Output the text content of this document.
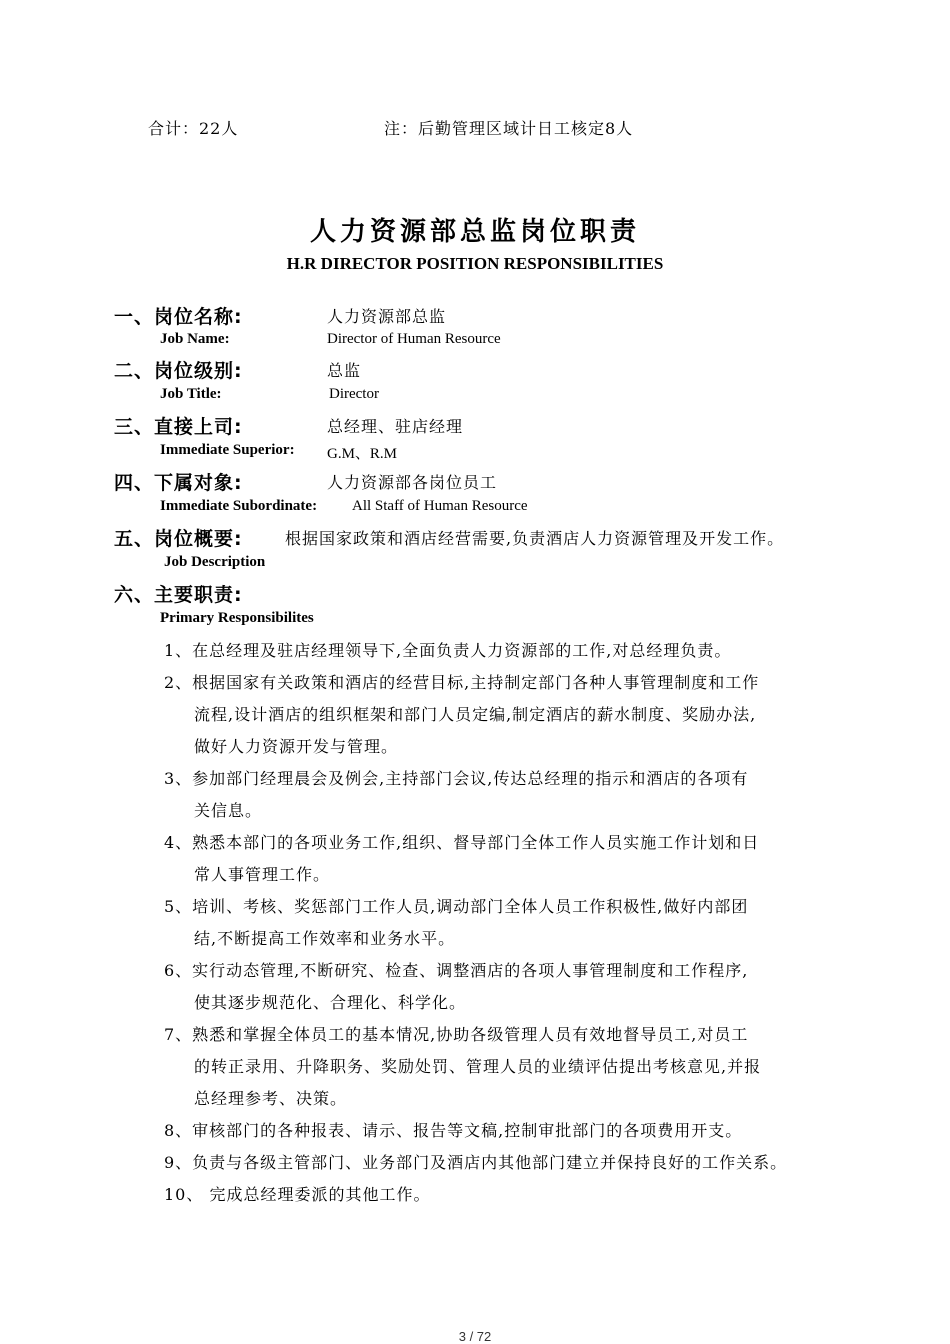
合计：22人	注：后勤管理区域计日工核定8人
人力资源部总监岗位职责
H.R DIRECTOR POSITION RESPONSIBILITIES
一、岗位名称:	人力资源部总监
Job Name:	Director of Human Resource
二、岗位级别:	总监
Job Title:	Director
三、直接上司:	总经理、驻店经理
Immediate Superior: G.M、R.M
四、下属对象:	人力资源部各岗位员工
Immediate Subordinate: All Staff of Human Resource
五、岗位概要:	根据国家政策和酒店经营需要,负责酒店人力资源管理及开发工作。
Job Description
六、主要职责:
Primary Responsibilites
1、在总经理及驻店经理领导下,全面负责人力资源部的工作,对总经理负责。
2、根据国家有关政策和酒店的经营目标,主持制定部门各种人事管理制度和工作
流程,设计酒店的组织框架和部门人员定编,制定酒店的薪水制度、奖励办法,
做好人力资源开发与管理。
3、参加部门经理晨会及例会,主持部门会议,传达总经理的指示和酒店的各项有
关信息。
4、熟悉本部门的各项业务工作,组织、督导部门全体工作人员实施工作计划和日
常人事管理工作。
5、培训、考核、奖惩部门工作人员,调动部门全体人员工作积极性,做好内部团
结,不断提高工作效率和业务水平。
6、实行动态管理,不断研究、检查、调整酒店的各项人事管理制度和工作程序,
使其逐步规范化、合理化、科学化。
7、熟悉和掌握全体员工的基本情况,协助各级管理人员有效地督导员工,对员工
的转正录用、升降职务、奖励处罚、管理人员的业绩评估提出考核意见,并报
总经理参考、决策。
8、审核部门的各种报表、请示、报告等文稿,控制审批部门的各项费用开支。
9、负责与各级主管部门、业务部门及酒店内其他部门建立并保持良好的工作关系。
10、 完成总经理委派的其他工作。
3 / 72
